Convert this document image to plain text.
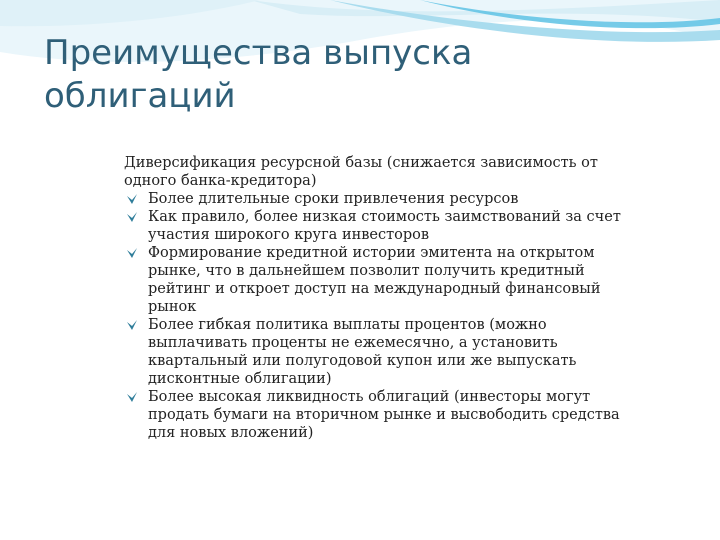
Преимущества выпуска облигаций

Диверсификация ресурсной базы (снижается зависимость от одного банка-кредитора)

Более длительные сроки привлечения ресурсов
Как правило, более низкая стоимость заимствований за счет участия широкого круга инвесторов
Формирование кредитной истории эмитента на открытом рынке, что в дальнейшем позволит получить кредитный рейтинг и откроет доступ на международный финансовый рынок
Более гибкая политика выплаты процентов (можно выплачивать проценты не ежемесячно, а установить квартальный или полугодовой купон или же выпускать дисконтные облигации)
Более высокая ликвидность облигаций (инвесторы могут продать бумаги на вторичном рынке и высвободить средства для новых вложений)
